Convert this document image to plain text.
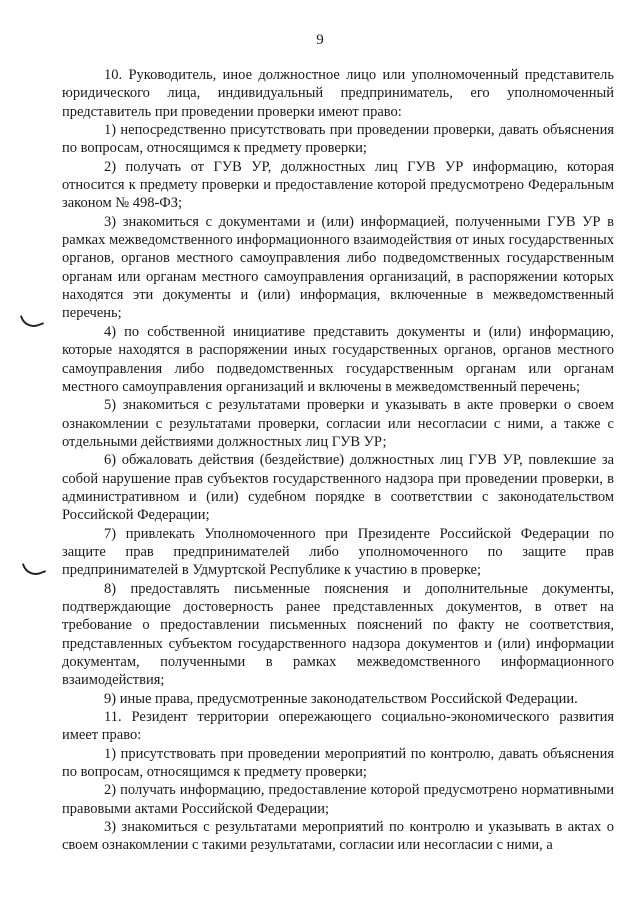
9

10. Руководитель, иное должностное лицо или уполномоченный представитель юридического лица, индивидуальный предприниматель, его уполномоченный представитель при проведении проверки имеют право:

1) непосредственно присутствовать при проведении проверки, давать объяснения по вопросам, относящимся к предмету проверки;

2) получать от ГУВ УР, должностных лиц ГУВ УР информацию, которая относится к предмету проверки и предоставление которой предусмотрено Федеральным законом № 498-ФЗ;

3) знакомиться с документами и (или) информацией, полученными ГУВ УР в рамках межведомственного информационного взаимодействия от иных государственных органов, органов местного самоуправления либо подведомственных государственным органам или органам местного самоуправления организаций, в распоряжении которых находятся эти документы и (или) информация, включенные в межведомственный перечень;

4) по собственной инициативе представить документы и (или) информацию, которые находятся в распоряжении иных государственных органов, органов местного самоуправления либо подведомственных государственным органам или органам местного самоуправления организаций и включены в межведомственный перечень;

5) знакомиться с результатами проверки и указывать в акте проверки о своем ознакомлении с результатами проверки, согласии или несогласии с ними, а также с отдельными действиями должностных лиц ГУВ УР;

6) обжаловать действия (бездействие) должностных лиц ГУВ УР, повлекшие за собой нарушение прав субъектов государственного надзора при проведении проверки, в административном и (или) судебном порядке в соответствии с законодательством Российской Федерации;

7) привлекать Уполномоченного при Президенте Российской Федерации по защите прав предпринимателей либо уполномоченного по защите прав предпринимателей в Удмуртской Республике к участию в проверке;

8) предоставлять письменные пояснения и дополнительные документы, подтверждающие достоверность ранее представленных документов, в ответ на требование о предоставлении письменных пояснений по факту не соответствия, представленных субъектом государственного надзора документов и (или) информации документам, полученными в рамках межведомственного информационного взаимодействия;

9) иные права, предусмотренные законодательством Российской Федерации.

11. Резидент территории опережающего социально-экономического развития имеет право:

1) присутствовать при проведении мероприятий по контролю, давать объяснения по вопросам, относящимся к предмету проверки;

2) получать информацию, предоставление которой предусмотрено нормативными правовыми актами Российской Федерации;

3) знакомиться с результатами мероприятий по контролю и указывать в актах о своем ознакомлении с такими результатами, согласии или несогласии с ними, а
